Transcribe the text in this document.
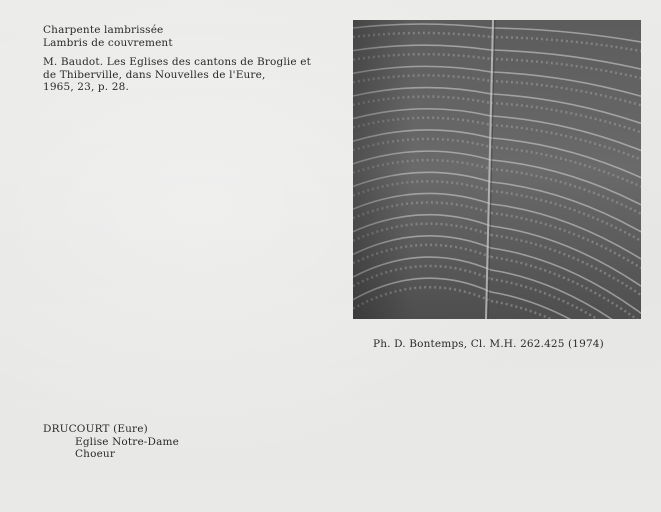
Charpente lambrissée
Lambris de couvrement
M. Baudot. Les Eglises des cantons de Broglie et
de Thiberville, dans Nouvelles de l'Eure,
1965, 23, p. 28.
Ph. D. Bontemps, Cl. M.H. 262.425 (1974)
DRUCOURT (Eure)
Eglise Notre-Dame
Choeur
